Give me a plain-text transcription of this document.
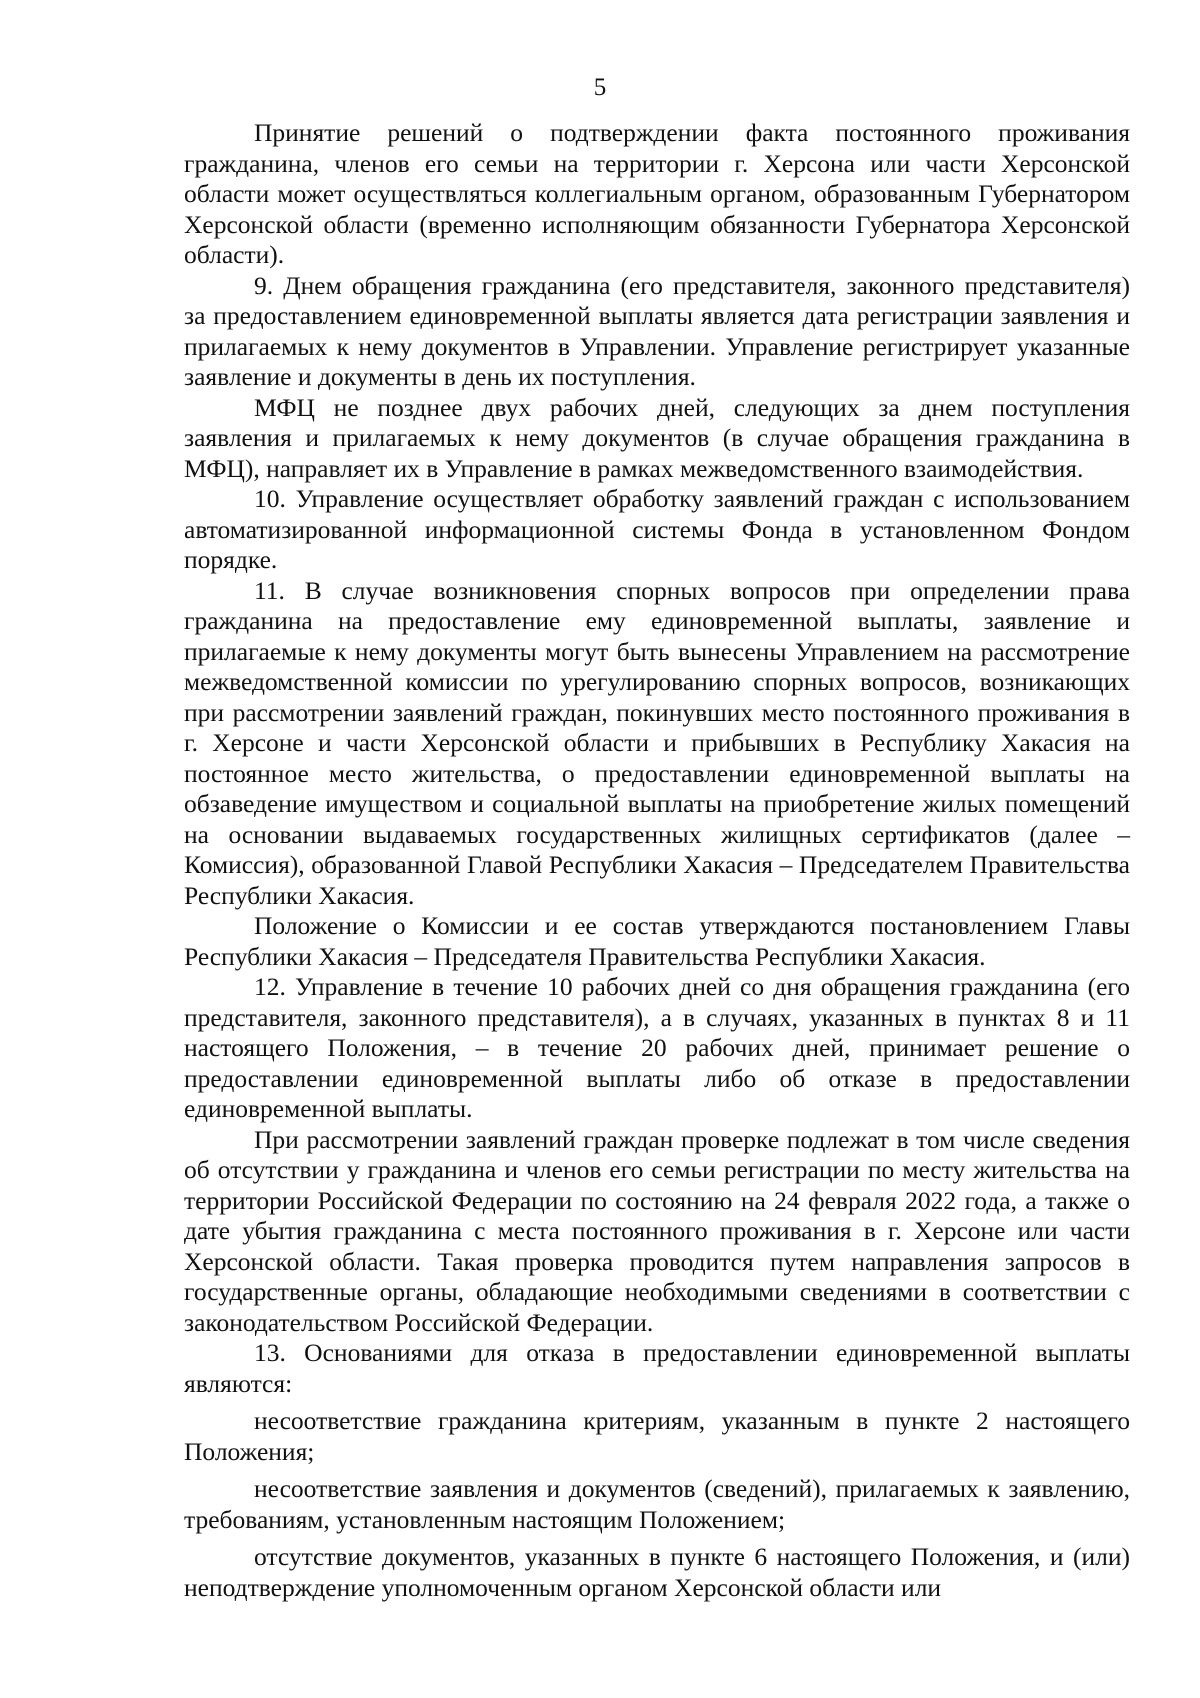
5

Принятие решений о подтверждении факта постоянного проживания гражданина, членов его семьи на территории г. Херсона или части Херсонской области может осуществляться коллегиальным органом, образованным Губернатором Херсонской области (временно исполняющим обязанности Губернатора Херсонской области).

9. Днем обращения гражданина (его представителя, законного представителя) за предоставлением единовременной выплаты является дата регистрации заявления и прилагаемых к нему документов в Управлении. Управление регистрирует указанные заявление и документы в день их поступления.

МФЦ не позднее двух рабочих дней, следующих за днем поступления заявления и прилагаемых к нему документов (в случае обращения гражданина в МФЦ), направляет их в Управление в рамках межведомственного взаимодействия.

10. Управление осуществляет обработку заявлений граждан с использованием автоматизированной информационной системы Фонда в установленном Фондом порядке.

11. В случае возникновения спорных вопросов при определении права гражданина на предоставление ему единовременной выплаты, заявление и прилагаемые к нему документы могут быть вынесены Управлением на рассмотрение межведомственной комиссии по урегулированию спорных вопросов, возникающих при рассмотрении заявлений граждан, покинувших место постоянного проживания в г. Херсоне и части Херсонской области и прибывших в Республику Хакасия на постоянное место жительства, о предоставлении единовременной выплаты на обзаведение имуществом и социальной выплаты на приобретение жилых помещений на основании выдаваемых государственных жилищных сертификатов (далее – Комиссия), образованной Главой Республики Хакасия – Председателем Правительства Республики Хакасия.

Положение о Комиссии и ее состав утверждаются постановлением Главы Республики Хакасия – Председателя Правительства Республики Хакасия.

12. Управление в течение 10 рабочих дней со дня обращения гражданина (его представителя, законного представителя), а в случаях, указанных в пунктах 8 и 11 настоящего Положения, – в течение 20 рабочих дней, принимает решение о предоставлении единовременной выплаты либо об отказе в предоставлении единовременной выплаты.

При рассмотрении заявлений граждан проверке подлежат в том числе сведения об отсутствии у гражданина и членов его семьи регистрации по месту жительства на территории Российской Федерации по состоянию на 24 февраля 2022 года, а также о дате убытия гражданина с места постоянного проживания в г. Херсоне или части Херсонской области. Такая проверка проводится путем направления запросов в государственные органы, обладающие необходимыми сведениями в соответствии с законодательством Российской Федерации.

13. Основаниями для отказа в предоставлении единовременной выплаты являются:

несоответствие гражданина критериям, указанным в пункте 2 настоящего Положения;

несоответствие заявления и документов (сведений), прилагаемых к заявлению, требованиям, установленным настоящим Положением;

отсутствие документов, указанных в пункте 6 настоящего Положения, и (или) неподтверждение уполномоченным органом Херсонской области или
